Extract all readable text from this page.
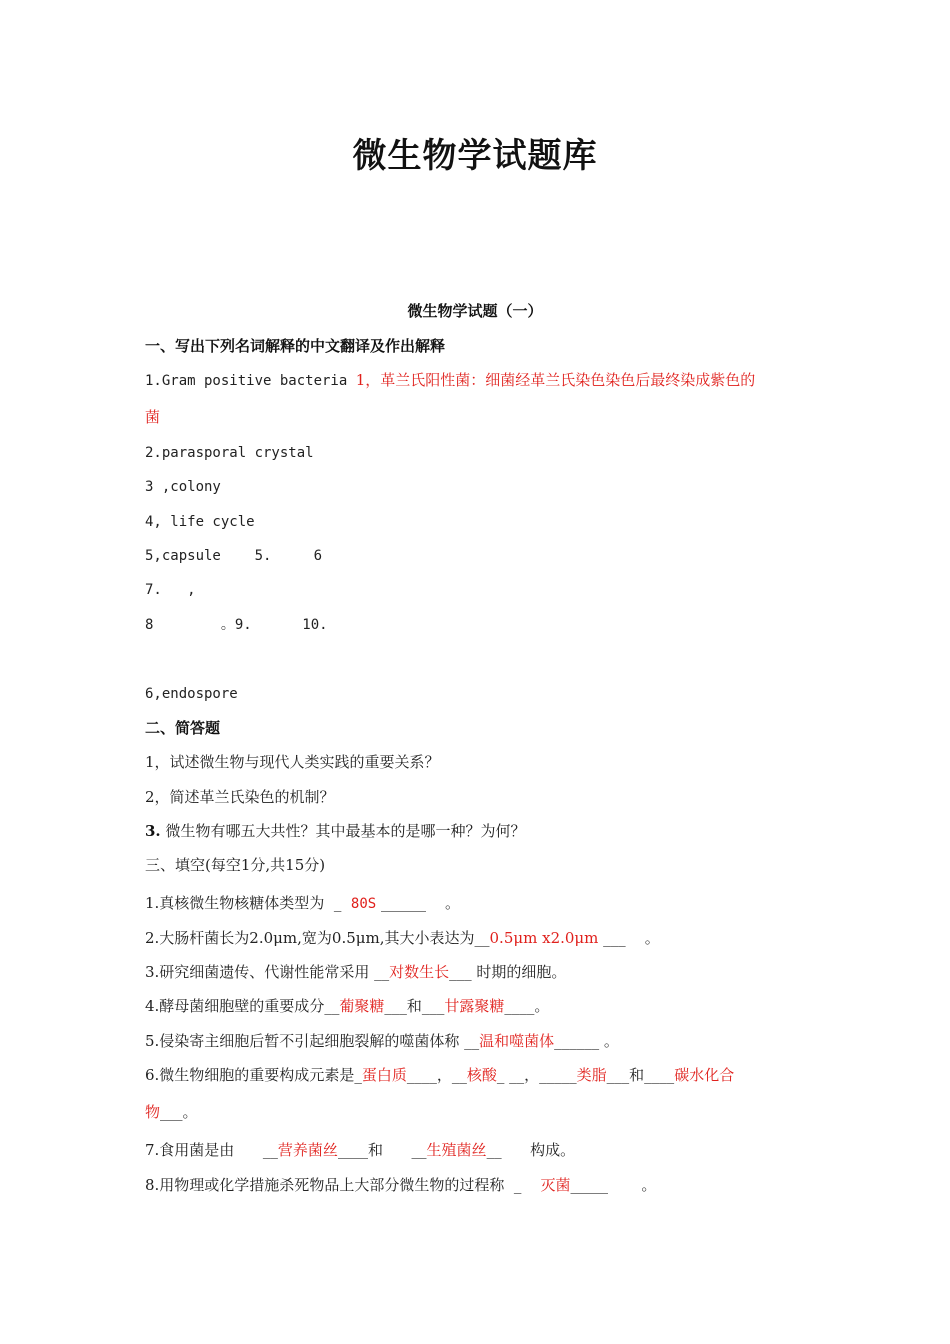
微生物学试题库
微生物学试题（一）
一、写出下列名词解释的中文翻译及作出解释
1.Gram positive bacteria 1，革兰氏阳性菌：细菌经革兰氏染色染色后最终染成紫色的
菌
2.parasporal crystal
3 ,colony
4, life cycle
5,capsule    5.     6
7.   ,
8        。9.      10.
6,endospore
二、简答题
1，试述微生物与现代人类实践的重要关系？
2，简述革兰氏染色的机制？
3. 微生物有哪五大共性？其中最基本的是哪一种？为何？
三、填空(每空1分,共15分)
1.真核微生物核糖体类型为  _  80S ______    。
2.大肠杆菌长为2.0μm,宽为0.5μm,其大小表达为__0.5μm x2.0μm ___    。
3.研究细菌遗传、代谢性能常采用 __对数生长___ 时期的细胞。
4.酵母菌细胞壁的重要成分__葡聚糖___和___甘露聚糖____。
5.侵染寄主细胞后暂不引起细胞裂解的噬菌体称 __温和噬菌体______ 。
6.微生物细胞的重要构成元素是_蛋白质____，__核酸_ __，_____类脂___和____碳水化合
物___。
7.食用菌是由      __营养菌丝____和      __生殖菌丝__      构成。
8.用物理或化学措施杀死物品上大部分微生物的过程称  _    灭菌_____       。
